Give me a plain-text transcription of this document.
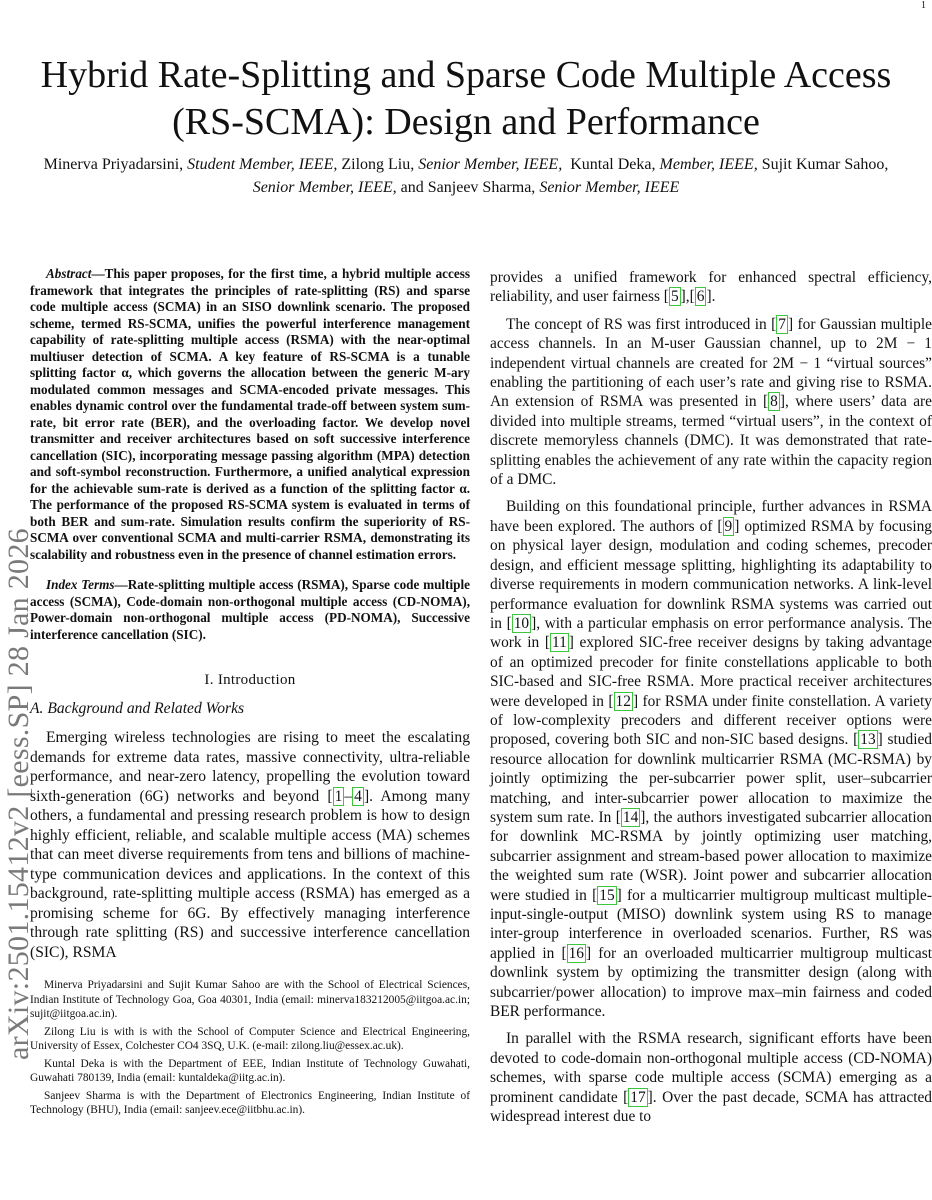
1
arXiv:2501.15412v2 [eess.SP] 28 Jan 2026
Hybrid Rate-Splitting and Sparse Code Multiple Access (RS-SCMA): Design and Performance
Minerva Priyadarsini, Student Member, IEEE, Zilong Liu, Senior Member, IEEE, Kuntal Deka, Member, IEEE, Sujit Kumar Sahoo, Senior Member, IEEE, and Sanjeev Sharma, Senior Member, IEEE

Abstract—This paper proposes, for the first time, a hybrid multiple access framework that integrates the principles of rate-splitting (RS) and sparse code multiple access (SCMA) in an SISO downlink scenario. The proposed scheme, termed RS-SCMA, unifies the powerful interference management capability of rate-splitting multiple access (RSMA) with the near-optimal multiuser detection of SCMA. A key feature of RS-SCMA is a tunable splitting factor α, which governs the allocation between the generic M-ary modulated common messages and SCMA-encoded private messages. This enables dynamic control over the fundamental trade-off between system sum-rate, bit error rate (BER), and the overloading factor. We develop novel transmitter and receiver architectures based on soft successive interference cancellation (SIC), incorporating message passing algorithm (MPA) detection and soft-symbol reconstruction. Furthermore, a unified analytical expression for the achievable sum-rate is derived as a function of the splitting factor α. The performance of the proposed RS-SCMA system is evaluated in terms of both BER and sum-rate. Simulation results confirm the superiority of RS-SCMA over conventional SCMA and multi-carrier RSMA, demonstrating its scalability and robustness even in the presence of channel estimation errors.

Index Terms—Rate-splitting multiple access (RSMA), Sparse code multiple access (SCMA), Code-domain non-orthogonal multiple access (CD-NOMA), Power-domain non-orthogonal multiple access (PD-NOMA), Successive interference cancellation (SIC).

I. Introduction
A. Background and Related Works

Emerging wireless technologies are rising to meet the escalating demands for extreme data rates, massive connectivity, ultra-reliable performance, and near-zero latency, propelling the evolution toward sixth-generation (6G) networks and beyond [ 1 – 4 ]. Among many others, a fundamental and pressing research problem is how to design highly efficient, reliable, and scalable multiple access (MA) schemes that can meet diverse requirements from tens and billions of machine-type communication devices and applications. In the context of this background, rate-splitting multiple access (RSMA) has emerged as a promising scheme for 6G. By effectively managing interference through rate splitting (RS) and successive interference cancellation (SIC), RSMA

Minerva Priyadarsini and Sujit Kumar Sahoo are with the School of Electrical Sciences, Indian Institute of Technology Goa, Goa 40301, India (email: minerva183212005@iitgoa.ac.in; sujit@iitgoa.ac.in).

Zilong Liu is with is with the School of Computer Science and Electrical Engineering, University of Essex, Colchester CO4 3SQ, U.K. (e-mail: zilong.liu@essex.ac.uk).

Kuntal Deka is with the Department of EEE, Indian Institute of Technology Guwahati, Guwahati 780139, India (email: kuntaldeka@iitg.ac.in).

Sanjeev Sharma is with the Department of Electronics Engineering, Indian Institute of Technology (BHU), India (email: sanjeev.ece@iitbhu.ac.in).

provides a unified framework for enhanced spectral efficiency, reliability, and user fairness [ 5 ],[ 6 ].

The concept of RS was first introduced in [ 7 ] for Gaussian multiple access channels. In an M-user Gaussian channel, up to 2M − 1 independent virtual channels are created for 2M − 1 “virtual sources” enabling the partitioning of each user’s rate and giving rise to RSMA. An extension of RSMA was presented in [ 8 ], where users’ data are divided into multiple streams, termed “virtual users”, in the context of discrete memoryless channels (DMC). It was demonstrated that rate-splitting enables the achievement of any rate within the capacity region of a DMC.

Building on this foundational principle, further advances in RSMA have been explored. The authors of [ 9 ] optimized RSMA by focusing on physical layer design, modulation and coding schemes, precoder design, and efficient message splitting, highlighting its adaptability to diverse requirements in modern communication networks. A link-level performance evaluation for downlink RSMA systems was carried out in [ 10 ], with a particular emphasis on error performance analysis. The work in [ 11 ] explored SIC-free receiver designs by taking advantage of an optimized precoder for finite constellations applicable to both SIC-based and SIC-free RSMA. More practical receiver architectures were developed in [ 12 ] for RSMA under finite constellation. A variety of low-complexity precoders and different receiver options were proposed, covering both SIC and non-SIC based designs. [ 13 ] studied resource allocation for downlink multicarrier RSMA (MC-RSMA) by jointly optimizing the per-subcarrier power split, user–subcarrier matching, and inter-subcarrier power allocation to maximize the system sum rate. In [ 14 ], the authors investigated subcarrier allocation for downlink MC-RSMA by jointly optimizing user matching, subcarrier assignment and stream-based power allocation to maximize the weighted sum rate (WSR). Joint power and subcarrier allocation were studied in [ 15 ] for a multicarrier multigroup multicast multiple-input-single-output (MISO) downlink system using RS to manage inter-group interference in overloaded scenarios. Further, RS was applied in [ 16 ] for an overloaded multicarrier multigroup multicast downlink system by optimizing the transmitter design (along with subcarrier/power allocation) to improve max–min fairness and coded BER performance.

In parallel with the RSMA research, significant efforts have been devoted to code-domain non-orthogonal multiple access (CD-NOMA) schemes, with sparse code multiple access (SCMA) emerging as a prominent candidate [ 17 ]. Over the past decade, SCMA has attracted widespread interest due to
